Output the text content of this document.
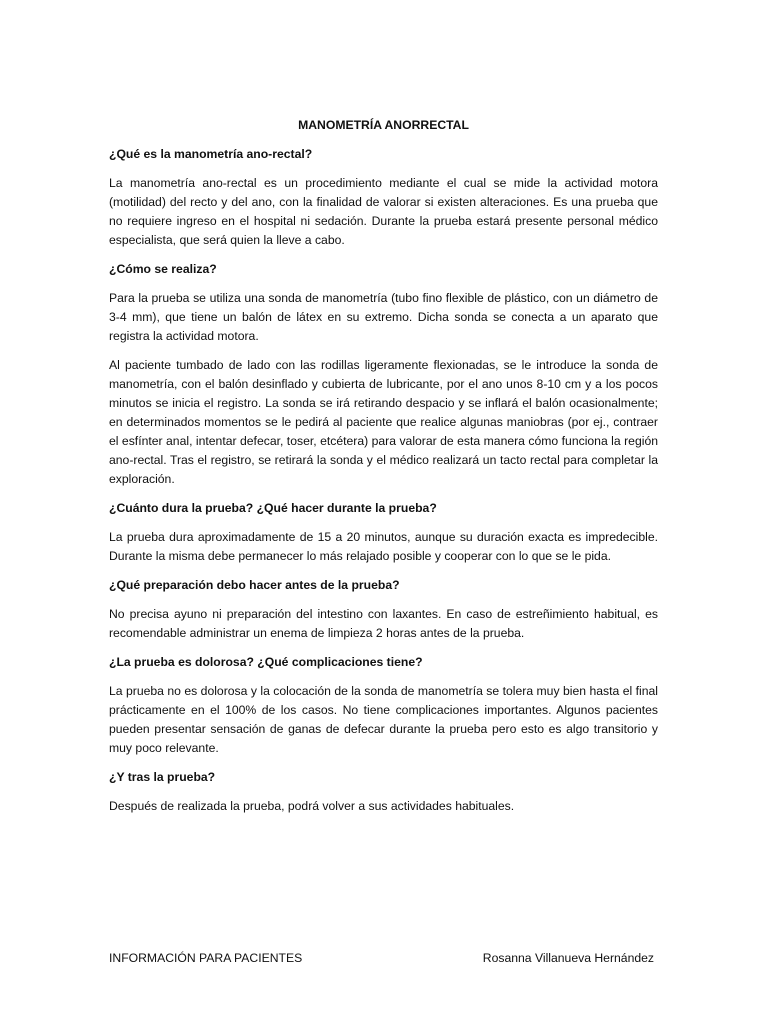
MANOMETRÍA ANORRECTAL
¿Qué es la manometría ano-rectal?

La manometría ano-rectal es un procedimiento mediante el cual se mide la actividad motora (motilidad) del recto y del ano, con la finalidad de valorar si existen alteraciones. Es una prueba que no requiere ingreso en el hospital ni sedación. Durante la prueba estará presente personal médico especialista, que será quien la lleve a cabo.

¿Cómo se realiza?

Para la prueba se utiliza una sonda de manometría (tubo fino flexible de plástico, con un diámetro de 3-4 mm), que tiene un balón de látex en su extremo. Dicha sonda se conecta a un aparato que registra la actividad motora.

Al paciente tumbado de lado con las rodillas ligeramente flexionadas, se le introduce la sonda de manometría, con el balón desinflado y cubierta de lubricante, por el ano unos 8-10 cm y a los pocos minutos se inicia el registro. La sonda se irá retirando despacio y se inflará el balón ocasionalmente; en determinados momentos se le pedirá al paciente que realice algunas maniobras (por ej., contraer el esfínter anal, intentar defecar, toser, etcétera) para valorar de esta manera cómo funciona la región ano-rectal. Tras el registro, se retirará la sonda y el médico realizará un tacto rectal para completar la exploración.

¿Cuánto dura la prueba? ¿Qué hacer durante la prueba?

La prueba dura aproximadamente de 15 a 20 minutos, aunque su duración exacta es impredecible. Durante la misma debe permanecer lo más relajado posible y cooperar con lo que se le pida.

¿Qué preparación debo hacer antes de la prueba?

No precisa ayuno ni preparación del intestino con laxantes. En caso de estreñimiento habitual, es recomendable administrar un enema de limpieza 2 horas antes de la prueba.

¿La prueba es dolorosa? ¿Qué complicaciones tiene?

La prueba no es dolorosa y la colocación de la sonda de manometría se tolera muy bien hasta el final prácticamente en el 100% de los casos. No tiene complicaciones importantes. Algunos pacientes pueden presentar sensación de ganas de defecar durante la prueba pero esto es algo transitorio y muy poco relevante.

¿Y tras la prueba?

Después de realizada la prueba, podrá volver a sus actividades habituales.

INFORMACIÓN PARA PACIENTES	Rosanna Villanueva Hernández
